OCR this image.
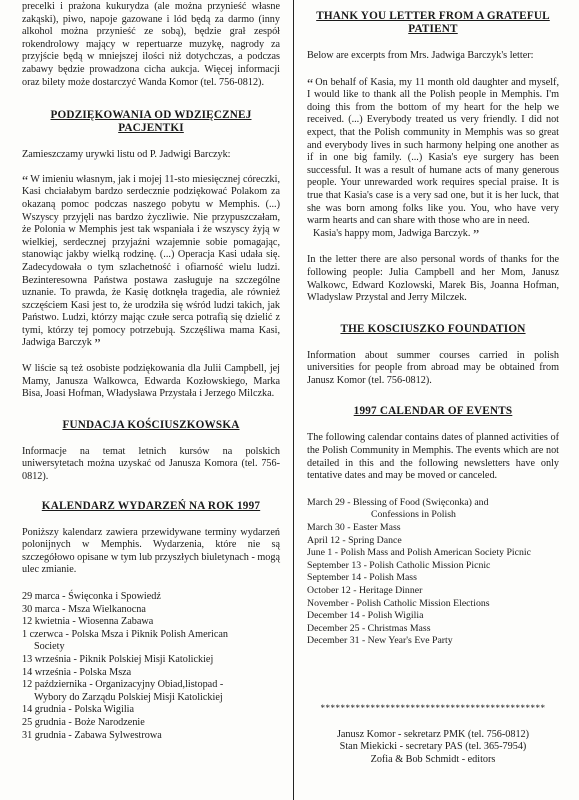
precelki i prażona kukurydza (ale można przynieść własne zakąski), piwo, napoje gazowane i lód będą za darmo (inny alkohol można przynieść ze sobą), będzie grał zespół rokendrolowy mający w repertuarze muzykę, nagrody za przyjście będą w mniejszej ilości niż dotychczas, a podczas zabawy będzie prowadzona cicha aukcja. Więcej informacji oraz bilety może dostarczyć Wanda Komor (tel. 756-0812).

PODZIĘKOWANIA OD WDZIĘCZNEJ
PACJENTKI

Zamieszczamy urywki listu od P. Jadwigi Barczyk:

“ W imieniu własnym, jak i mojej 11-sto miesięcznej córeczki, Kasi chciałabym bardzo serdecznie podziękować Polakom za okazaną pomoc podczas naszego pobytu w Memphis. (...) Wszyscy przyjęli nas bardzo życzliwie. Nie przypuszczałam, że Polonia w Memphis jest tak wspaniała i że wszyscy żyją w wielkiej, serdecznej przyjaźni wzajemnie sobie pomagając, stanowiąc jakby wielką rodzinę. (...) Operacja Kasi udała się. Zadecydowała o tym szlachetność i ofiarność wielu ludzi. Bezinteresowna Państwa postawa zasługuje na szczególne uznanie. To prawda, że Kasię dotknęła tragedia, ale również szczęściem Kasi jest to, że urodziła się wśród ludzi takich, jak Państwo. Ludzi, którzy mając czułe serca potrafią się dzielić z tymi, którzy tej pomocy potrzebują. Szczęśliwa mama Kasi, Jadwiga Barczyk ”

W liście są też osobiste podziękowania dla Julii Campbell, jej Mamy, Janusza Walkowca, Edwarda Kozłowskiego, Marka Bisa, Joasi Hofman, Władysława Przystała i Jerzego Milczka.

FUNDACJA KOŚCIUSZKOWSKA

Informacje na temat letnich kursów na polskich uniwersytetach można uzyskać od Janusza Komora (tel. 756-0812).

KALENDARZ WYDARZEŃ NA ROK 1997

Poniższy kalendarz zawiera przewidywane terminy wydarzeń polonijnych w Memphis. Wydarzenia, które nie są szczegółowo opisane w tym lub przyszłych biuletynach - mogą ulec zmianie.

29 marca - Święconka i Spowiedź
30 marca - Msza Wielkanocna
12 kwietnia - Wiosenna Zabawa
1 czerwca - Polska Msza i Piknik Polish American
Society
13 września - Piknik Polskiej Misji Katolickiej
14 września - Polska Msza
12 października - Organizacyjny Obiad,listopad -
Wybory do Zarządu Polskiej Misji Katolickiej
14 grudnia - Polska Wigilia
25 grudnia - Boże Narodzenie
31 grudnia - Zabawa Sylwestrowa
THANK YOU LETTER FROM A GRATEFUL
PATIENT

Below are excerpts from Mrs. Jadwiga Barczyk's letter:

“ On behalf of Kasia, my 11 month old daughter and myself, I would like to thank all the Polish people in Memphis. I'm doing this from the bottom of my heart for the help we received. (...) Everybody treated us very friendly. I did not expect, that the Polish community in Memphis was so great and everybody lives in such harmony helping one another as if in one big family. (...) Kasia's eye surgery has been successful. It was a result of humane acts of many generous people. Your unrewarded work requires special praise. It is true that Kasia's case is a very sad one, but it is her luck, that she was born among folks like you. You, who have very warm hearts and can share with those who are in need.

Kasia's happy mom, Jadwiga Barczyk. ”

In the letter there are also personal words of thanks for the following people: Julia Campbell and her Mom, Janusz Walkowc, Edward Kozlowski, Marek Bis, Joanna Hofman, Wladyslaw Przystal and Jerry Milczek.

THE KOSCIUSZKO FOUNDATION

Information about summer courses carried in polish universities for people from abroad may be obtained from Janusz Komor (tel. 756-0812).

1997 CALENDAR OF EVENTS

The following calendar contains dates of planned activities of the Polish Community in Memphis. The events which are not detailed in this and the following newsletters have only tentative dates and may be moved or canceled.

March 29 - Blessing of Food (Swięconka) and
Confessions in Polish
March 30 - Easter Mass
April 12 - Spring Dance
June 1 - Polish Mass and Polish American Society Picnic
September 13 - Polish Catholic Mission Picnic
September 14 - Polish Mass
October 12 - Heritage Dinner
November - Polish Catholic Mission Elections
December 14 - Polish Wigilia
December 25 - Christmas Mass
December 31 - New Year's Eve Party
*********************************************
Janusz Komor - sekretarz PMK (tel. 756-0812)
Stan Miekicki - secretary PAS (tel. 365-7954)
Zofia & Bob Schmidt - editors
